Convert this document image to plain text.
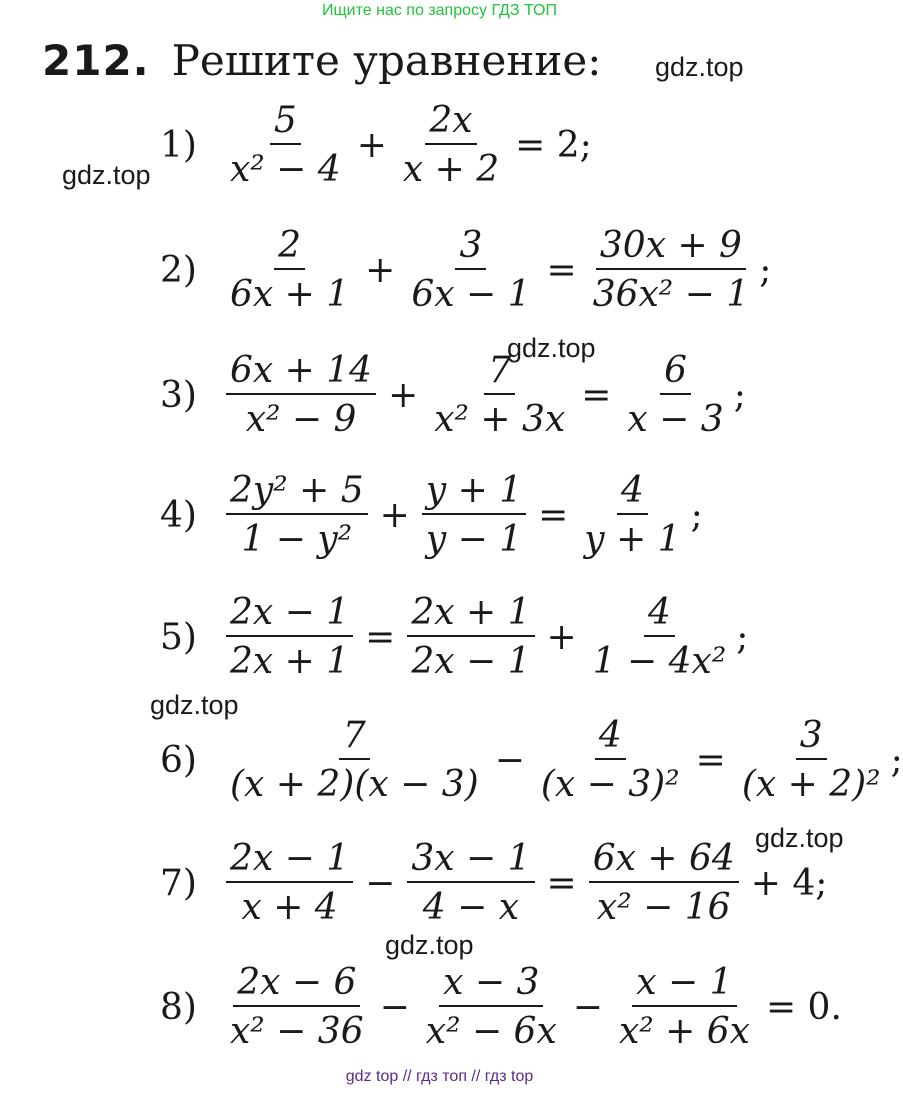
Ищите нас по запросу ГДЗ ТОП
212. Решите уравнение: gdz.top
gdz.top
gdz.top
gdz.top
gdz.top
gdz.top
$1) \frac{5}{\text{x² − 4}} + \frac{2x}{x + 2} = 2$;
$2) \frac{2}{6x + 1} + \frac{3}{6x - 1} = \frac{30x + 9}{\text{36x² − 1}}$ ;
$3) \frac{6x + 14}{\text{x² − 9}} + \frac{7}{\text{x² + 3x}} = \frac{6}{x - 3}$ ;
$4) \frac{\text{2y² + 5}}{\text{1 − y²}} + \frac{y + 1}{y - 1} = \frac{4}{y + 1}$ ;
$5) \frac{2x - 1}{2x + 1} = \frac{2x + 1}{2x - 1} + \frac{4}{\text{1 − 4x²}}$ ;
$6) \frac{7}{(x + 2)(x - 3)} - \frac{4}{\text{(x − 3)²}} = \frac{3}{\text{(x + 2)²}}$ ;
$7) \frac{2x - 1}{x + 4} - \frac{3x - 1}{4 - x} = \frac{6x + 64}{\text{x² − 16}} + 4$;
$8) \frac{2x - 6}{\text{x² − 36}} - \frac{x - 3}{\text{x² − 6x}} - \frac{x - 1}{\text{x² + 6x}} = 0$.
gdz top // гдз топ // гдз top
